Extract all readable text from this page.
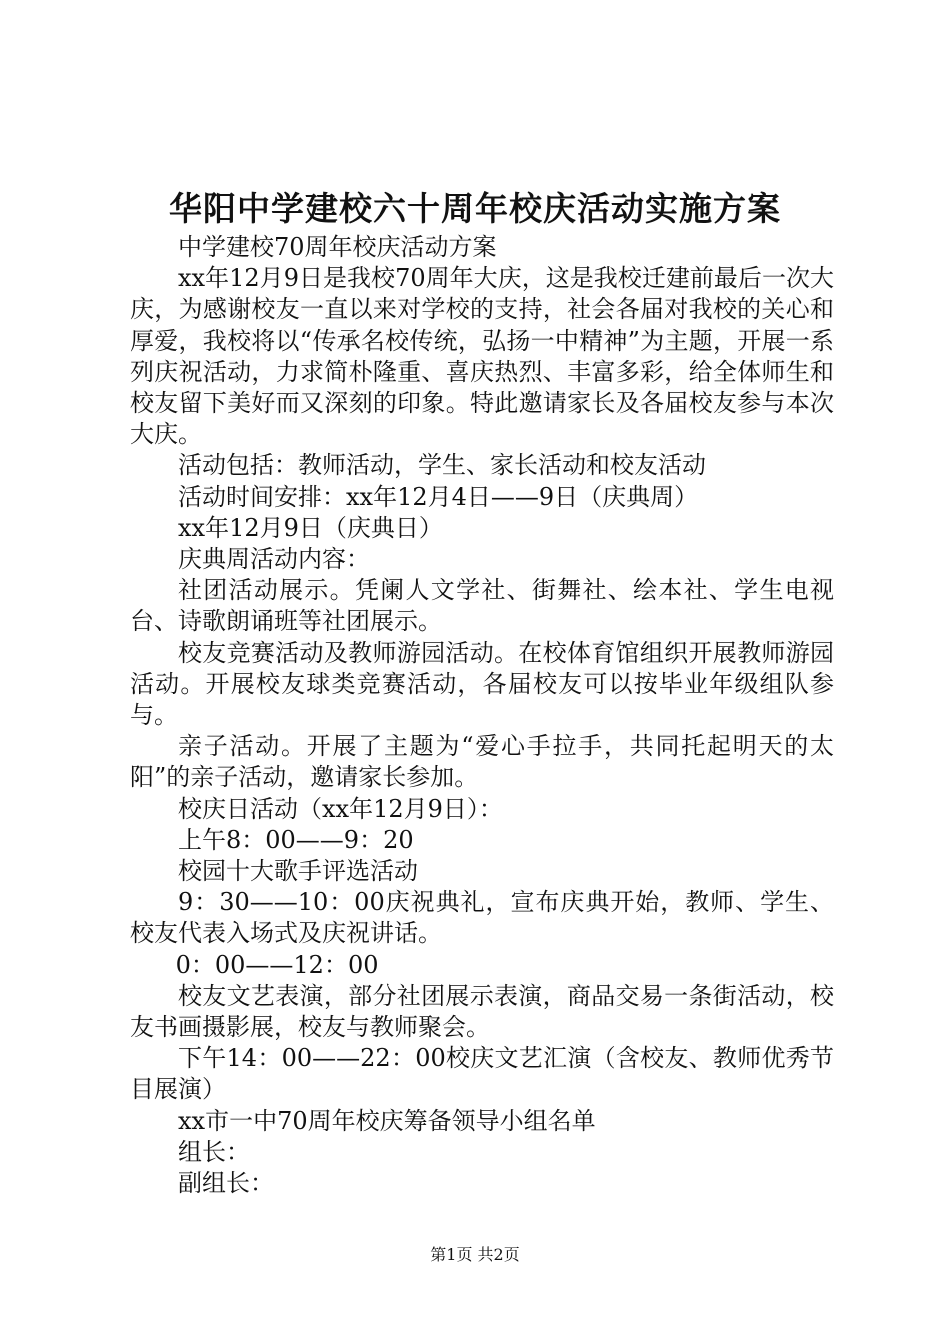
华阳中学建校六十周年校庆活动实施方案

中学建校70周年校庆活动方案

xx年12月9日是我校70周年大庆，这是我校迁建前最后一次大庆，为感谢校友一直以来对学校的支持，社会各届对我校的关心和厚爱，我校将以“传承名校传统，弘扬一中精神”为主题，开展一系列庆祝活动，力求简朴隆重、喜庆热烈、丰富多彩，给全体师生和校友留下美好而又深刻的印象。特此邀请家长及各届校友参与本次大庆。

活动包括：教师活动，学生、家长活动和校友活动

活动时间安排：xx年12月4日——9日（庆典周）

xx年12月9日（庆典日）

庆典周活动内容：

社团活动展示。凭阑人文学社、街舞社、绘本社、学生电视台、诗歌朗诵班等社团展示。

校友竞赛活动及教师游园活动。在校体育馆组织开展教师游园活动。开展校友球类竞赛活动，各届校友可以按毕业年级组队参与。

亲子活动。开展了主题为“爱心手拉手，共同托起明天的太阳”的亲子活动，邀请家长参加。

校庆日活动（xx年12月9日）：

上午8：00——9：20

校园十大歌手评选活动

9：30——10：00庆祝典礼，宣布庆典开始，教师、学生、校友代表入场式及庆祝讲话。

0：00——12：00

校友文艺表演，部分社团展示表演，商品交易一条街活动，校友书画摄影展，校友与教师聚会。

下午14：00——22：00校庆文艺汇演（含校友、教师优秀节目展演）

xx市一中70周年校庆筹备领导小组名单

组长：

副组长：

第1页 共2页
